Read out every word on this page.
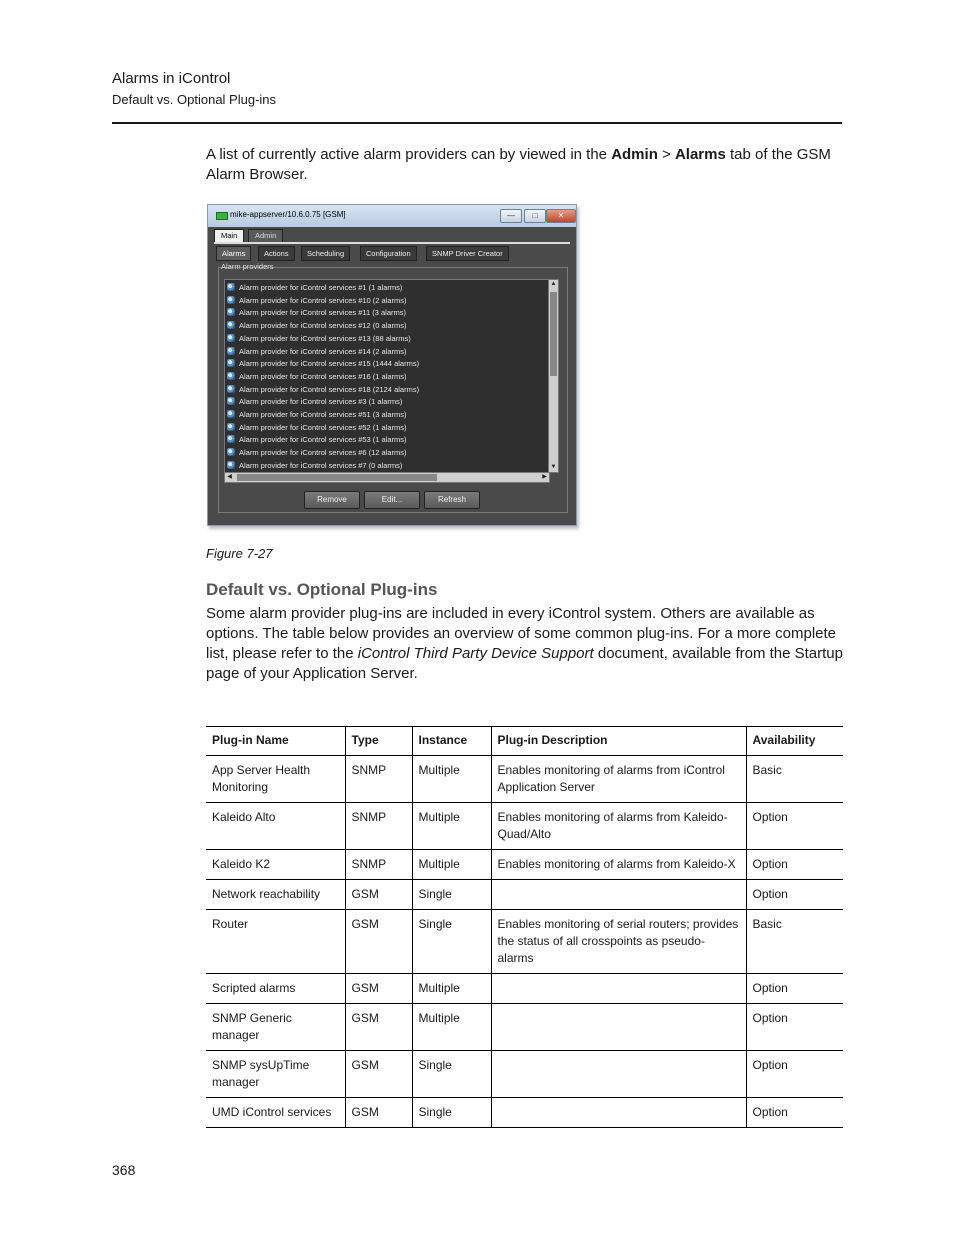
Alarms in iControl
Default vs. Optional Plug-ins

A list of currently active alarm providers can by viewed in the Admin > Alarms tab of the GSM Alarm Browser.

mike-appserver/10.6.0.75 [GSM]	—	□	✕
Main	Admin
Alarms	Actions	Scheduling	Configuration	SNMP Driver Creator
Alarm providers
Alarm provider for iControl services #1 (1 alarms)
Alarm provider for iControl services #10 (2 alarms)
Alarm provider for iControl services #11 (3 alarms)
Alarm provider for iControl services #12 (0 alarms)
Alarm provider for iControl services #13 (88 alarms)
Alarm provider for iControl services #14 (2 alarms)
Alarm provider for iControl services #15 (1444 alarms)
Alarm provider for iControl services #16 (1 alarms)
Alarm provider for iControl services #18 (2124 alarms)
Alarm provider for iControl services #3 (1 alarms)
Alarm provider for iControl services #51 (3 alarms)
Alarm provider for iControl services #52 (1 alarms)
Alarm provider for iControl services #53 (1 alarms)
Alarm provider for iControl services #6 (12 alarms)
Alarm provider for iControl services #7 (0 alarms)
▲
▼
◀	▶
Remove	Edit...	Refresh
Figure 7-27
Default vs. Optional Plug-ins

Some alarm provider plug-ins are included in every iControl system. Others are available as options. The table below provides an overview of some common plug-ins. For a more complete list, please refer to the iControl Third Party Device Support document, available from the Startup page of your Application Server.

Plug-in Name	Type	Instance	Plug-in Description	Availability
App Server Health Monitoring	SNMP	Multiple	Enables monitoring of alarms from iControl Application Server	Basic
Kaleido Alto	SNMP	Multiple	Enables monitoring of alarms from Kaleido-Quad/Alto	Option
Kaleido K2	SNMP	Multiple	Enables monitoring of alarms from Kaleido-X	Option
Network reachability	GSM	Single		Option
Router	GSM	Single	Enables monitoring of serial routers; provides the status of all crosspoints as pseudo-alarms	Basic
Scripted alarms	GSM	Multiple		Option
SNMP Generic manager	GSM	Multiple		Option
SNMP sysUpTime manager	GSM	Single		Option
UMD iControl services	GSM	Single		Option
368
